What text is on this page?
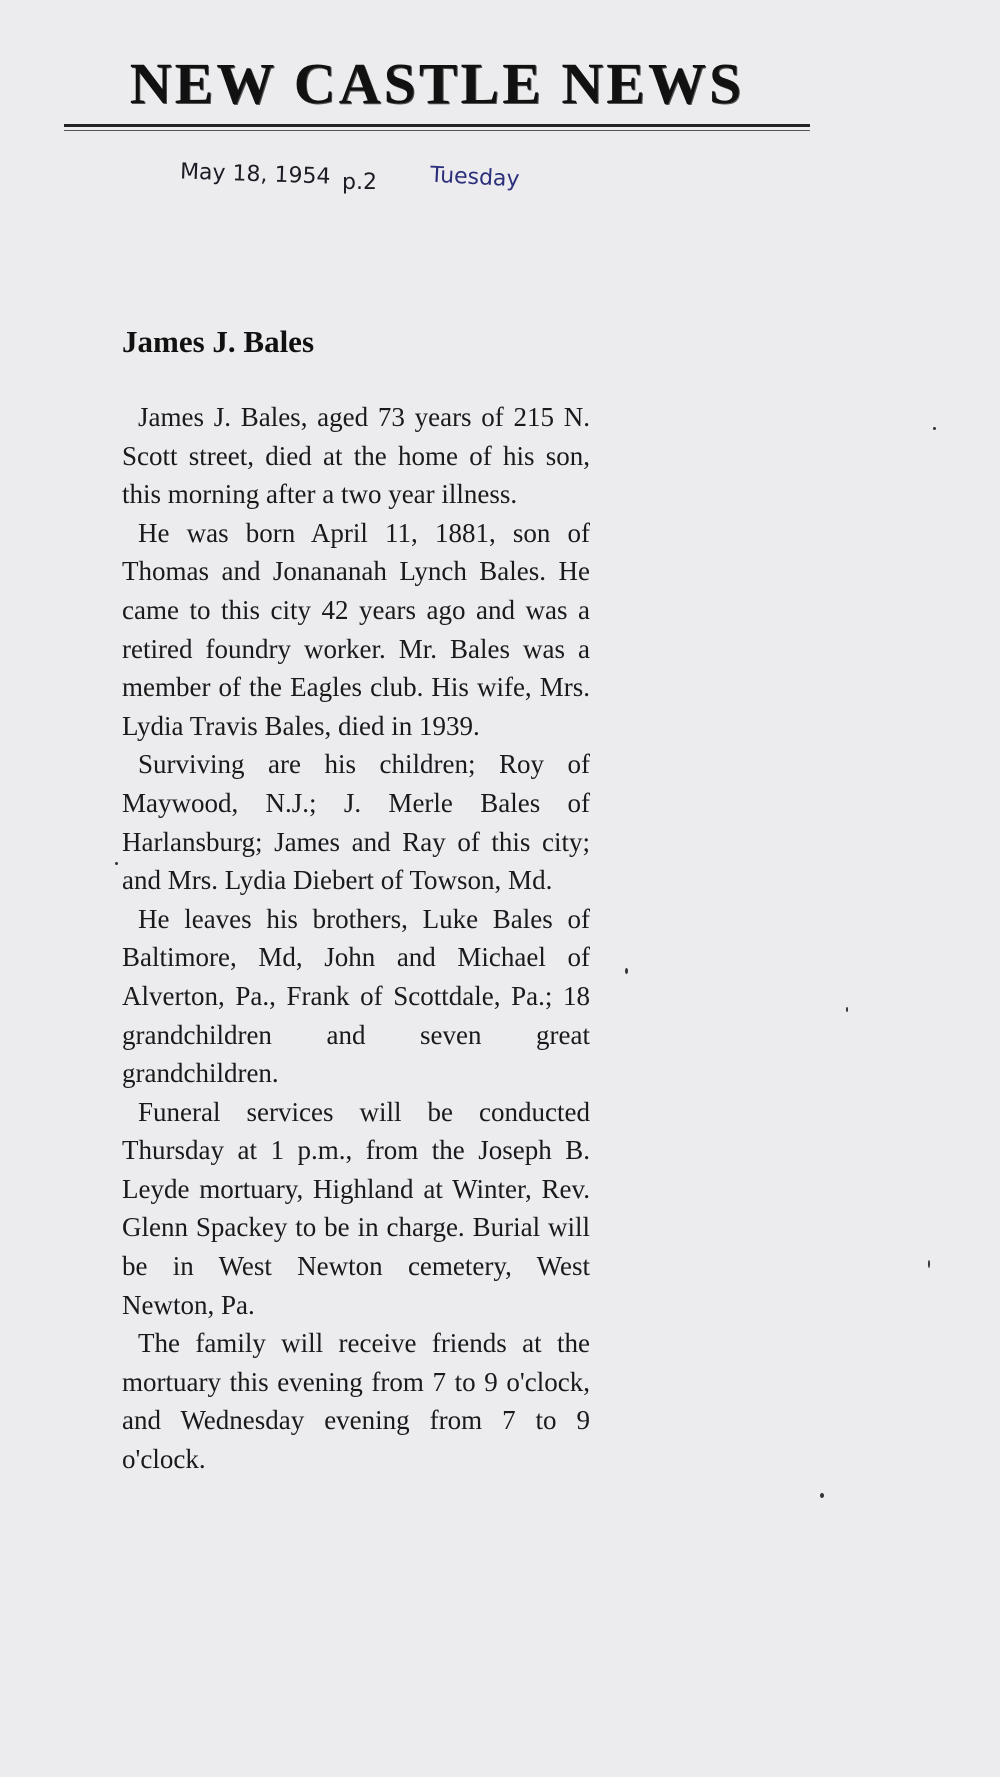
NEW CASTLE NEWS
May 18, 1954 p.2 Tuesday
James J. Bales

James J. Bales, aged 73 years of 215 N. Scott street, died at the home of his son, this morning after a two year illness.

He was born April 11, 1881, son of Thomas and Jonananah Lynch Bales. He came to this city 42 years ago and was a retired foundry worker. Mr. Bales was a member of the Eagles club. His wife, Mrs. Lydia Travis Bales, died in 1939.

Surviving are his children; Roy of Maywood, N.J.; J. Merle Bales of Harlansburg; James and Ray of this city; and Mrs. Lydia Diebert of Towson, Md.

He leaves his brothers, Luke Bales of Baltimore, Md, John and Michael of Alverton, Pa., Frank of Scottdale, Pa.; 18 grandchildren and seven great grandchildren.

Funeral services will be conducted Thursday at 1 p.m., from the Joseph B. Leyde mortuary, Highland at Winter, Rev. Glenn Spackey to be in charge. Burial will be in West Newton cemetery, West Newton, Pa.

The family will receive friends at the mortuary this evening from 7 to 9 o'clock, and Wednesday evening from 7 to 9 o'clock.
